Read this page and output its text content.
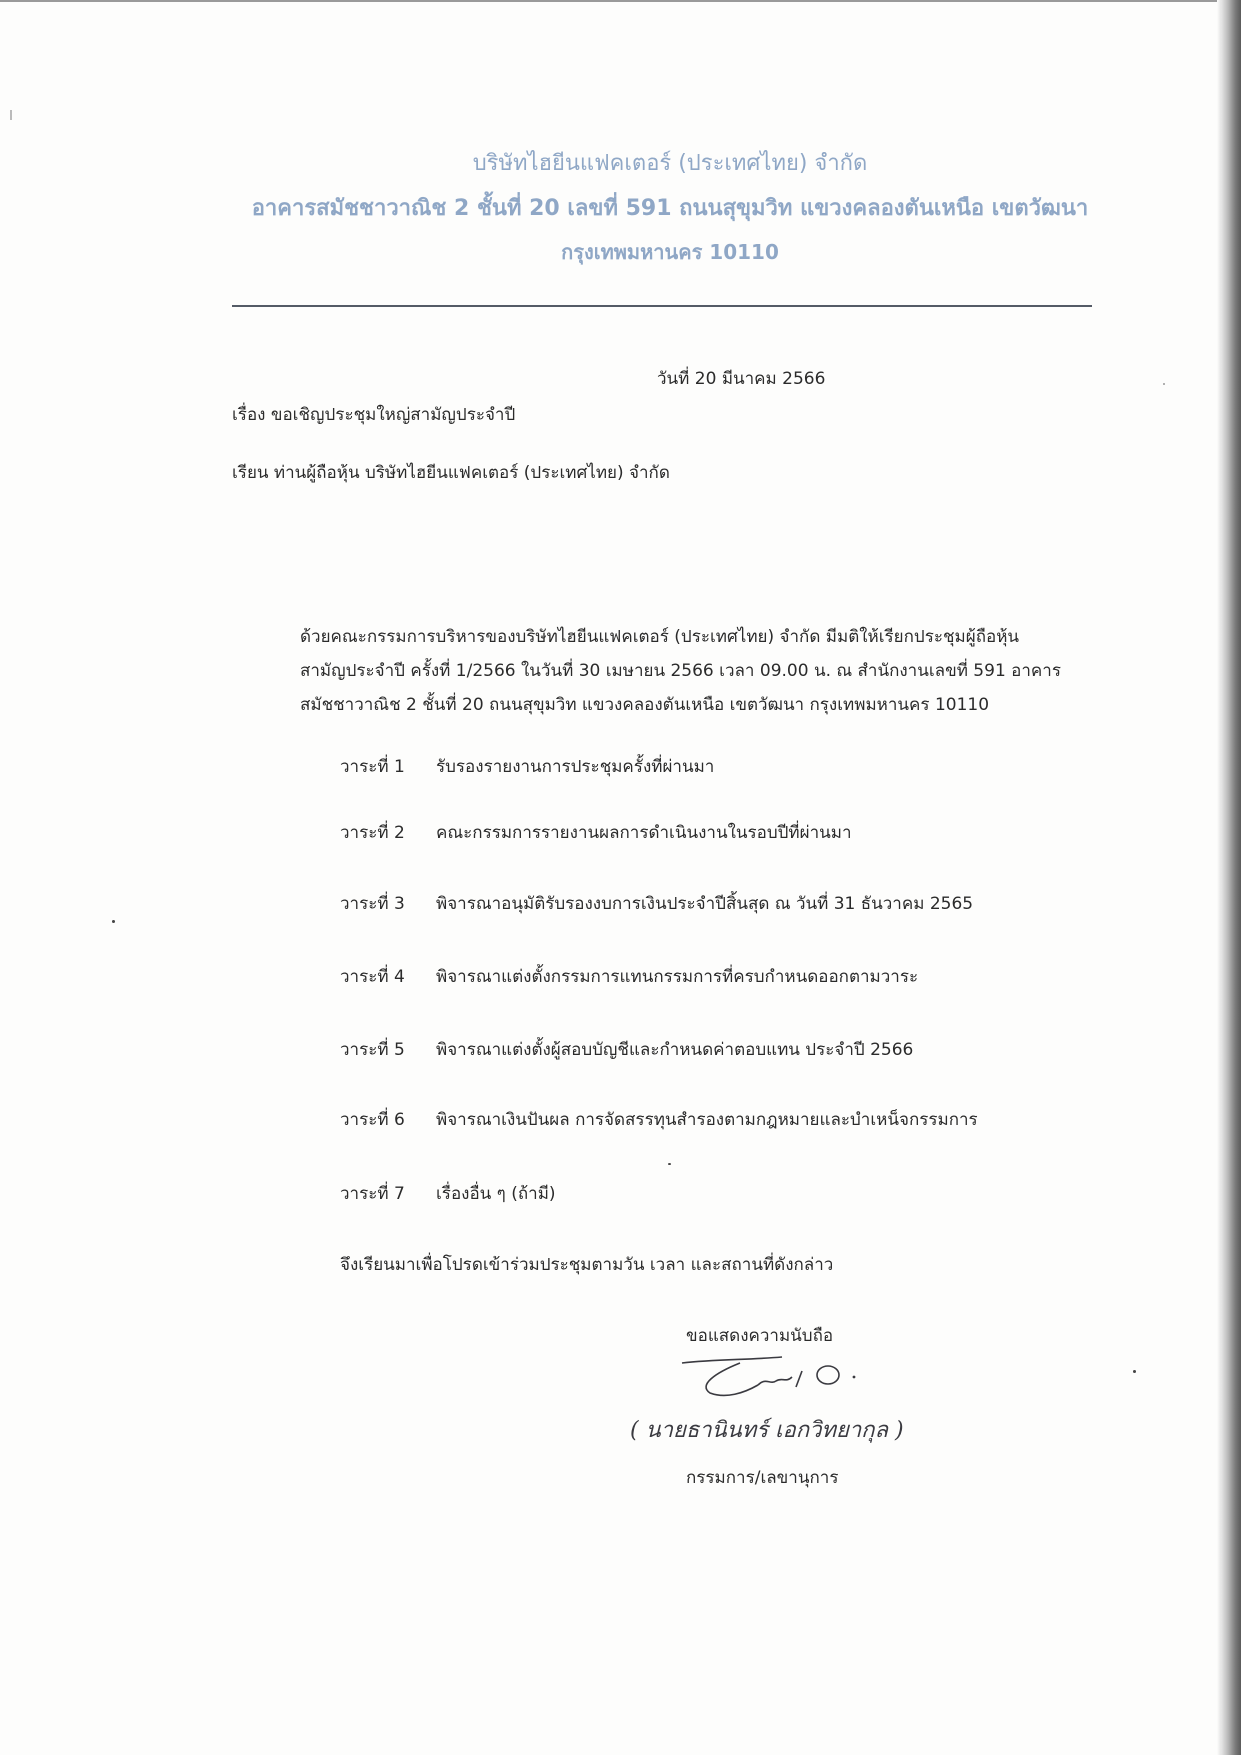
บริษัทไฮยีนแฟคเตอร์ (ประเทศไทย) จำกัด
อาคารสมัชชาวาณิช 2 ชั้นที่ 20 เลขที่ 591 ถนนสุขุมวิท แขวงคลองตันเหนือ เขตวัฒนา
กรุงเทพมหานคร 10110
วันที่ 20 มีนาคม 2566
เรื่อง ขอเชิญประชุมใหญ่สามัญประจำปี
เรียน ท่านผู้ถือหุ้น บริษัทไฮยีนแฟคเตอร์ (ประเทศไทย) จำกัด
ด้วยคณะกรรมการบริหารของบริษัทไฮยีนแฟคเตอร์ (ประเทศไทย) จำกัด มีมติให้เรียกประชุมผู้ถือหุ้น
สามัญประจำปี ครั้งที่ 1/2566 ในวันที่ 30 เมษายน 2566 เวลา 09.00 น. ณ สำนักงานเลขที่ 591 อาคาร
สมัชชาวาณิช 2 ชั้นที่ 20 ถนนสุขุมวิท แขวงคลองตันเหนือ เขตวัฒนา กรุงเทพมหานคร 10110
วาระที่ 1 รับรองรายงานการประชุมครั้งที่ผ่านมา
วาระที่ 2 คณะกรรมการรายงานผลการดำเนินงานในรอบปีที่ผ่านมา
วาระที่ 3 พิจารณาอนุมัติรับรองงบการเงินประจำปีสิ้นสุด ณ วันที่ 31 ธันวาคม 2565
วาระที่ 4 พิจารณาแต่งตั้งกรรมการแทนกรรมการที่ครบกำหนดออกตามวาระ
วาระที่ 5 พิจารณาแต่งตั้งผู้สอบบัญชีและกำหนดค่าตอบแทน ประจำปี 2566
วาระที่ 6 พิจารณาเงินปันผล การจัดสรรทุนสำรองตามกฎหมายและบำเหน็จกรรมการ
วาระที่ 7 เรื่องอื่น ๆ (ถ้ามี)
จึงเรียนมาเพื่อโปรดเข้าร่วมประชุมตามวัน เวลา และสถานที่ดังกล่าว
ขอแสดงความนับถือ
( นายธานินทร์ เอกวิทยากุล )
กรรมการ/เลขานุการ
